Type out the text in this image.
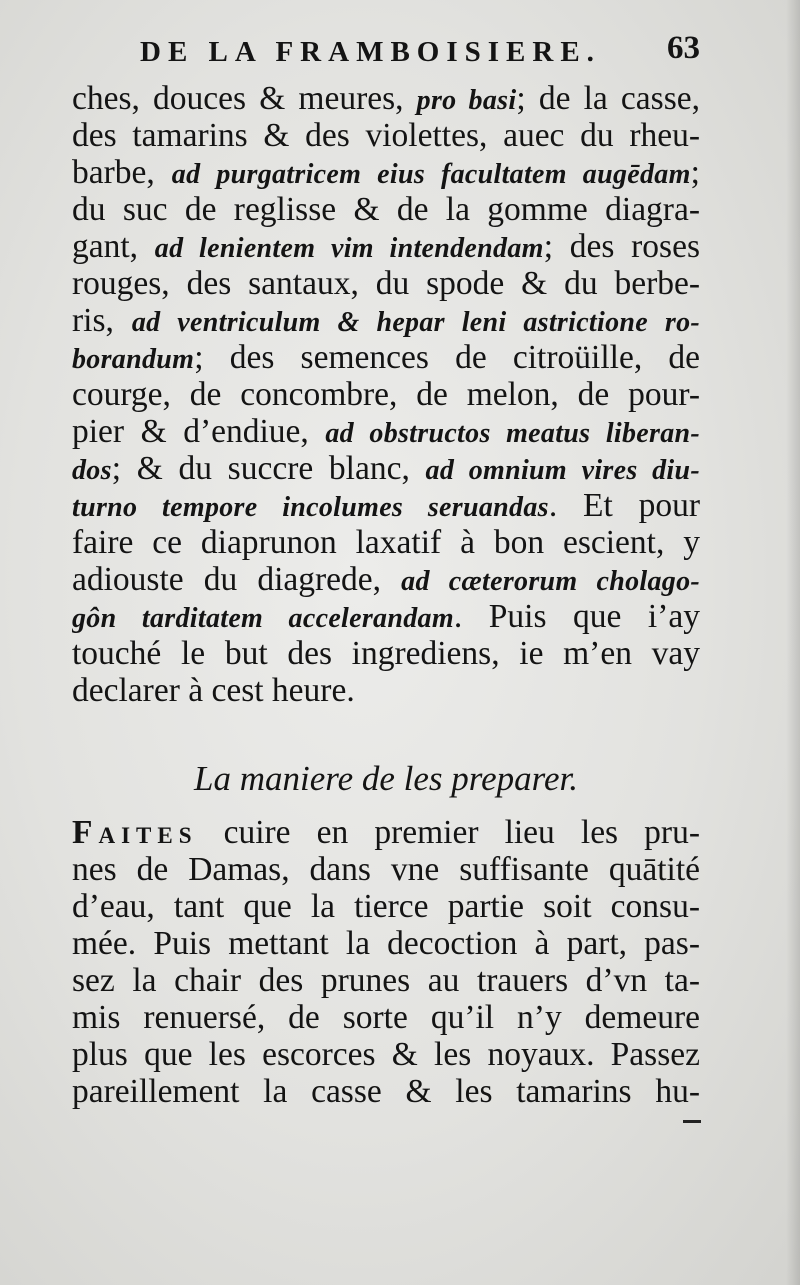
DE LA FRAMBOISIERE. 63
ches, douces & meures, pro basi; de la casse,
des tamarins & des violettes, auec du rheu-
barbe, ad purgatricem eius facultatem augēdam;
du suc de reglisse & de la gomme diagra-
gant, ad lenientem vim intendendam; des roses
rouges, des santaux, du spode & du berbe-
ris, ad ventriculum & hepar leni astrictione ro-
borandum; des semences de citroüille, de
courge, de concombre, de melon, de pour-
pier & d’endiue, ad obstructos meatus liberan-
dos; & du succre blanc, ad omnium vires diu-
turno tempore incolumes seruandas. Et pour
faire ce diaprunon laxatif à bon escient, y
adiouste du diagrede, ad cæterorum cholago-
gôn tarditatem accelerandam. Puis que i’ay
touché le but des ingrediens, ie m’en vay
declarer à cest heure.
La maniere de les preparer.
Faites cuire en premier lieu les pru-
nes de Damas, dans vne suffisante quātité
d’eau, tant que la tierce partie soit consu-
mée. Puis mettant la decoction à part, pas-
sez la chair des prunes au trauers d’vn ta-
mis renuersé, de sorte qu’il n’y demeure
plus que les escorces & les noyaux. Passez
pareillement la casse & les tamarins hu-
